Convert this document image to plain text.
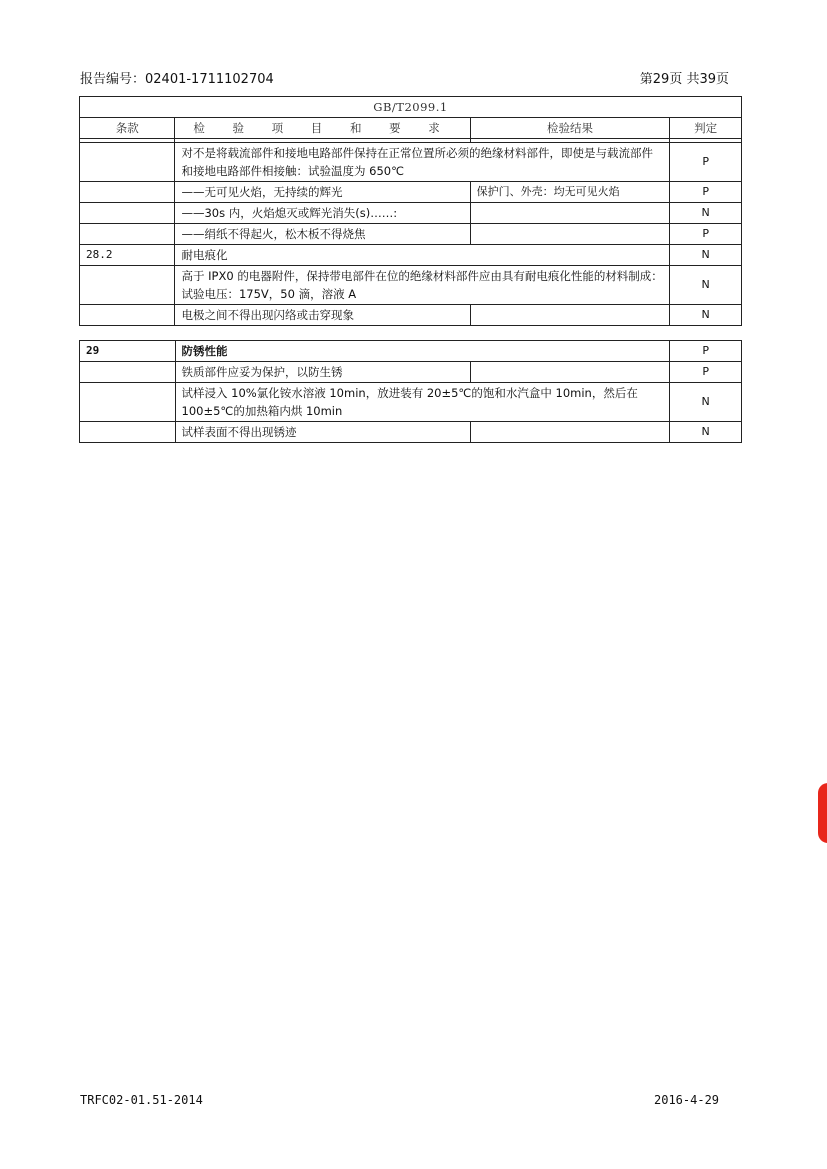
报告编号：02401-1711102704	第29页 共39页
GB/T2099.1			
条款	检 验 项 目 和 要 求	检验结果	判定

	对不是将载流部件和接地电路部件保持在正常位置所必须的绝缘材料部件，即使是与载流部件和接地电路部件相接触：试验温度为 650℃		P
	——无可见火焰，无持续的辉光	保护门、外壳：均无可见火焰	P
	——30s 内，火焰熄灭或辉光消失(s)……:		N
	——绢纸不得起火，松木板不得烧焦		P
28.2	耐电痕化		N
	高于 IPX0 的电器附件，保持带电部件在位的绝缘材料部件应由具有耐电痕化性能的材料制成：试验电压：175V，50 滴，溶液 A		N
	电极之间不得出现闪络或击穿现象		N
29	防锈性能		P
	铁质部件应妥为保护，以防生锈		P
	试样浸入 10%氯化铵水溶液 10min，放进装有 20±5℃的饱和水汽盒中 10min，然后在 100±5℃的加热箱内烘 10min		N
	试样表面不得出现锈迹		N
TRFC02-01.51-2014	2016-4-29
